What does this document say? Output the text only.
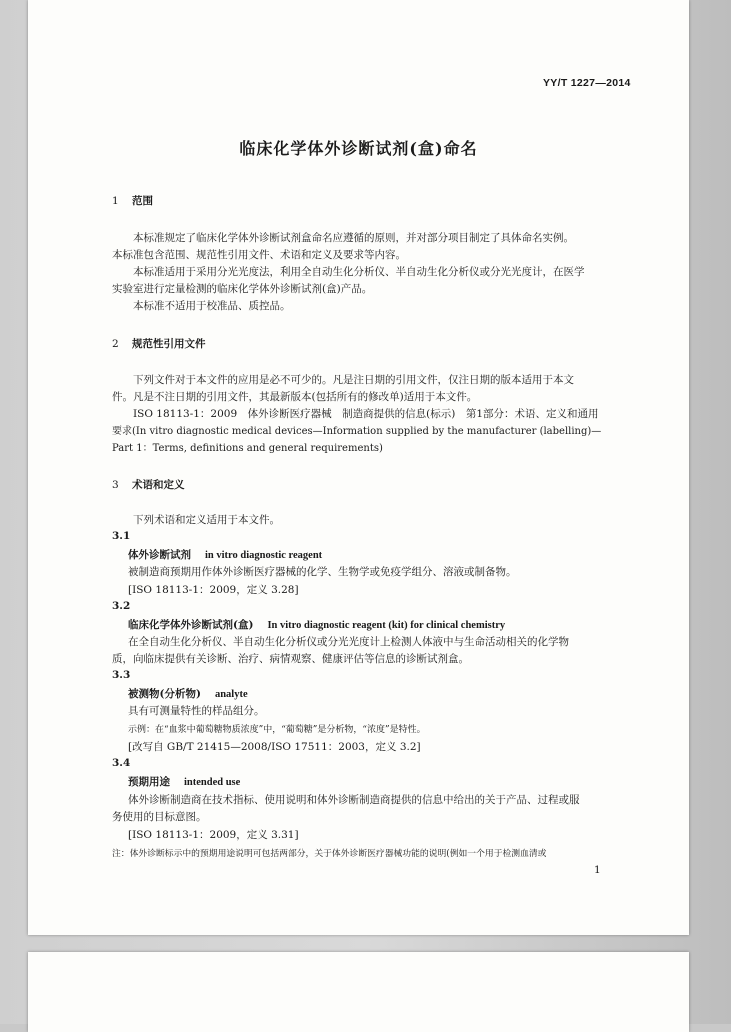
YY/T 1227—2014
临床化学体外诊断试剂(盒)命名
1 范围
本标准规定了临床化学体外诊断试剂盒命名应遵循的原则，并对部分项目制定了具体命名实例。
本标准包含范围、规范性引用文件、术语和定义及要求等内容。
本标准适用于采用分光光度法，利用全自动生化分析仪、半自动生化分析仪或分光光度计，在医学
实验室进行定量检测的临床化学体外诊断试剂(盒)产品。
本标准不适用于校准品、质控品。
2 规范性引用文件
下列文件对于本文件的应用是必不可少的。凡是注日期的引用文件，仅注日期的版本适用于本文
件。凡是不注日期的引用文件，其最新版本(包括所有的修改单)适用于本文件。
ISO 18113-1：2009　体外诊断医疗器械　制造商提供的信息(标示)　第1部分：术语、定义和通用
要求(In vitro diagnostic medical devices—Information supplied by the manufacturer (labelling)—
Part 1：Terms, definitions and general requirements)
3 术语和定义
下列术语和定义适用于本文件。
3.1
体外诊断试剂 in vitro diagnostic reagent
被制造商预期用作体外诊断医疗器械的化学、生物学或免疫学组分、溶液或制备物。
[ISO 18113-1：2009，定义 3.28]
3.2
临床化学体外诊断试剂(盒) In vitro diagnostic reagent (kit) for clinical chemistry
在全自动生化分析仪、半自动生化分析仪或分光光度计上检测人体液中与生命活动相关的化学物
质，向临床提供有关诊断、治疗、病情观察、健康评估等信息的诊断试剂盒。
3.3
被测物(分析物) analyte
具有可测量特性的样品组分。
示例：在“血浆中葡萄糖物质浓度”中，“葡萄糖”是分析物，“浓度”是特性。
[改写自 GB/T 21415—2008/ISO 17511：2003，定义 3.2]
3.4
预期用途 intended use
体外诊断制造商在技术指标、使用说明和体外诊断制造商提供的信息中给出的关于产品、过程或服
务使用的目标意图。
[ISO 18113-1：2009，定义 3.31]
注：体外诊断标示中的预期用途说明可包括两部分，关于体外诊断医疗器械功能的说明(例如一个用于检测血清或
1
